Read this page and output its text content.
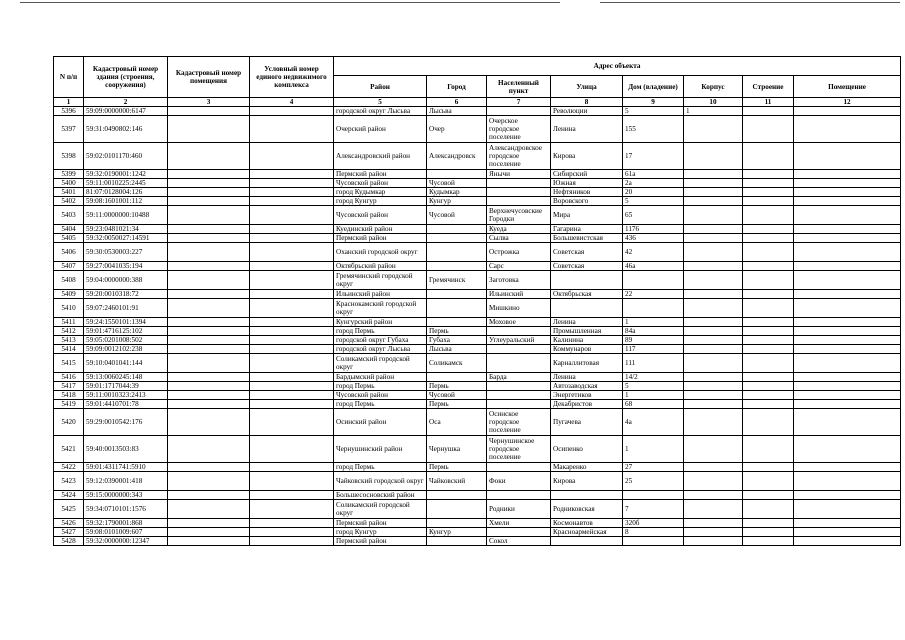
N п/п	Кадастровый номер здания (строения, сооружения)	Кадастровый номер помещения	Условный номер единого недвижимого комплекса	Адрес объекта							
				Район	Город	Населенный пункт	Улица	Дом (владение)	Корпус	Строение	Помещение
1	2	3	4	5	6	7	8	9	10	11	12
5396	59:09:0000000:6147			городской округ Лысьва	Лысьва		Революции	5	1		
5397	59:31:0490802:146			Очерский район	Очер	Очерское городское поселение	Ленина	155			
5398	59:02:0101170:460			Александровский район	Александровск	Александровское городское поселение	Кирова	17			
5399	59:32:0190001:1242			Пермский район		Янычи	Сибирский	61а			
5400	59:11:0010225:2445			Чусовской район	Чусовой		Южная	2а			
5401	81:07:0128004:126			город Кудымкар	Кудымкар		Нефтяников	20			
5402	59:08:1601001:112			город Кунгур	Кунгур		Воровского	5			
5403	59:11:0000000:10488			Чусовской район	Чусовой	Верхнечусовские Городки	Мира	65			
5404	59:23:0481021:34			Куединский район		Куеда	Гагарина	1176			
5405	59:32:0050027:14591			Пермский район		Сылва	Большевистская	436			
5406	59:30:0530003:227			Оханский городской округ		Острожка	Советская	42			
5407	59:27:0041035:194			Октябрьский район		Сарс	Советская	46а			
5408	59:04:0000000:388			Гремячинский городской округ	Гремячинск	Заготовка					
5409	59:20:0010318:72			Ильинский район		Ильинский	Октябрьская	22			
5410	59:07:2460101:91			Краснокамский городской округ		Мишкино					
5411	59:24:1550101:1394			Кунгурский район		Моховое	Ленина	1			
5412	59:01:4716125:102			город Пермь	Пермь		Промышленная	84а			
5413	59:05:0201008:502			городской округ Губаха	Губаха	Углеуральский	Калинина	89			
5414	59:09:0012102:238			городской округ Лысьва	Лысьва		Коммунаров	117			
5415	59:10:0401041:144			Соликамский городской округ	Соликамск		Карналлитовая	111			
5416	59:13:0060245:148			Бардымский район		Барда	Ленина	14/2			
5417	59:01:1717044:39			город Пермь	Пермь		Автозаводская	5			
5418	59:11:0010323:2413			Чусовской район	Чусовой		Энергетиков	1			
5419	59:01:4410701:78			город Пермь	Пермь		Декабристов	68			
5420	59:29:0010542:176			Осинский район	Оса	Осинское городское поселение	Пугачева	4а			
5421	59:40:0013503:83			Чернушинский район	Чернушка	Чернушинское городское поселение	Осипенко	1			
5422	59:01:4311741:5910			город Пермь	Пермь		Макаренко	27			
5423	59:12:0390001:418			Чайковский городской округ	Чайковский	Фоки	Кирова	25			
5424	59:15:0000000:343			Большесосновский район							
5425	59:34:0710101:1576			Соликамский городской округ		Родники	Родниковская	7			
5426	59:32:1790001:868			Пермский район		Хмели	Космонавтов	320б			
5427	59:08:0101009:607			город Кунгур	Кунгур		Красноармейская	8			
5428	59:32:0000000:12347			Пермский район		Сокол					
